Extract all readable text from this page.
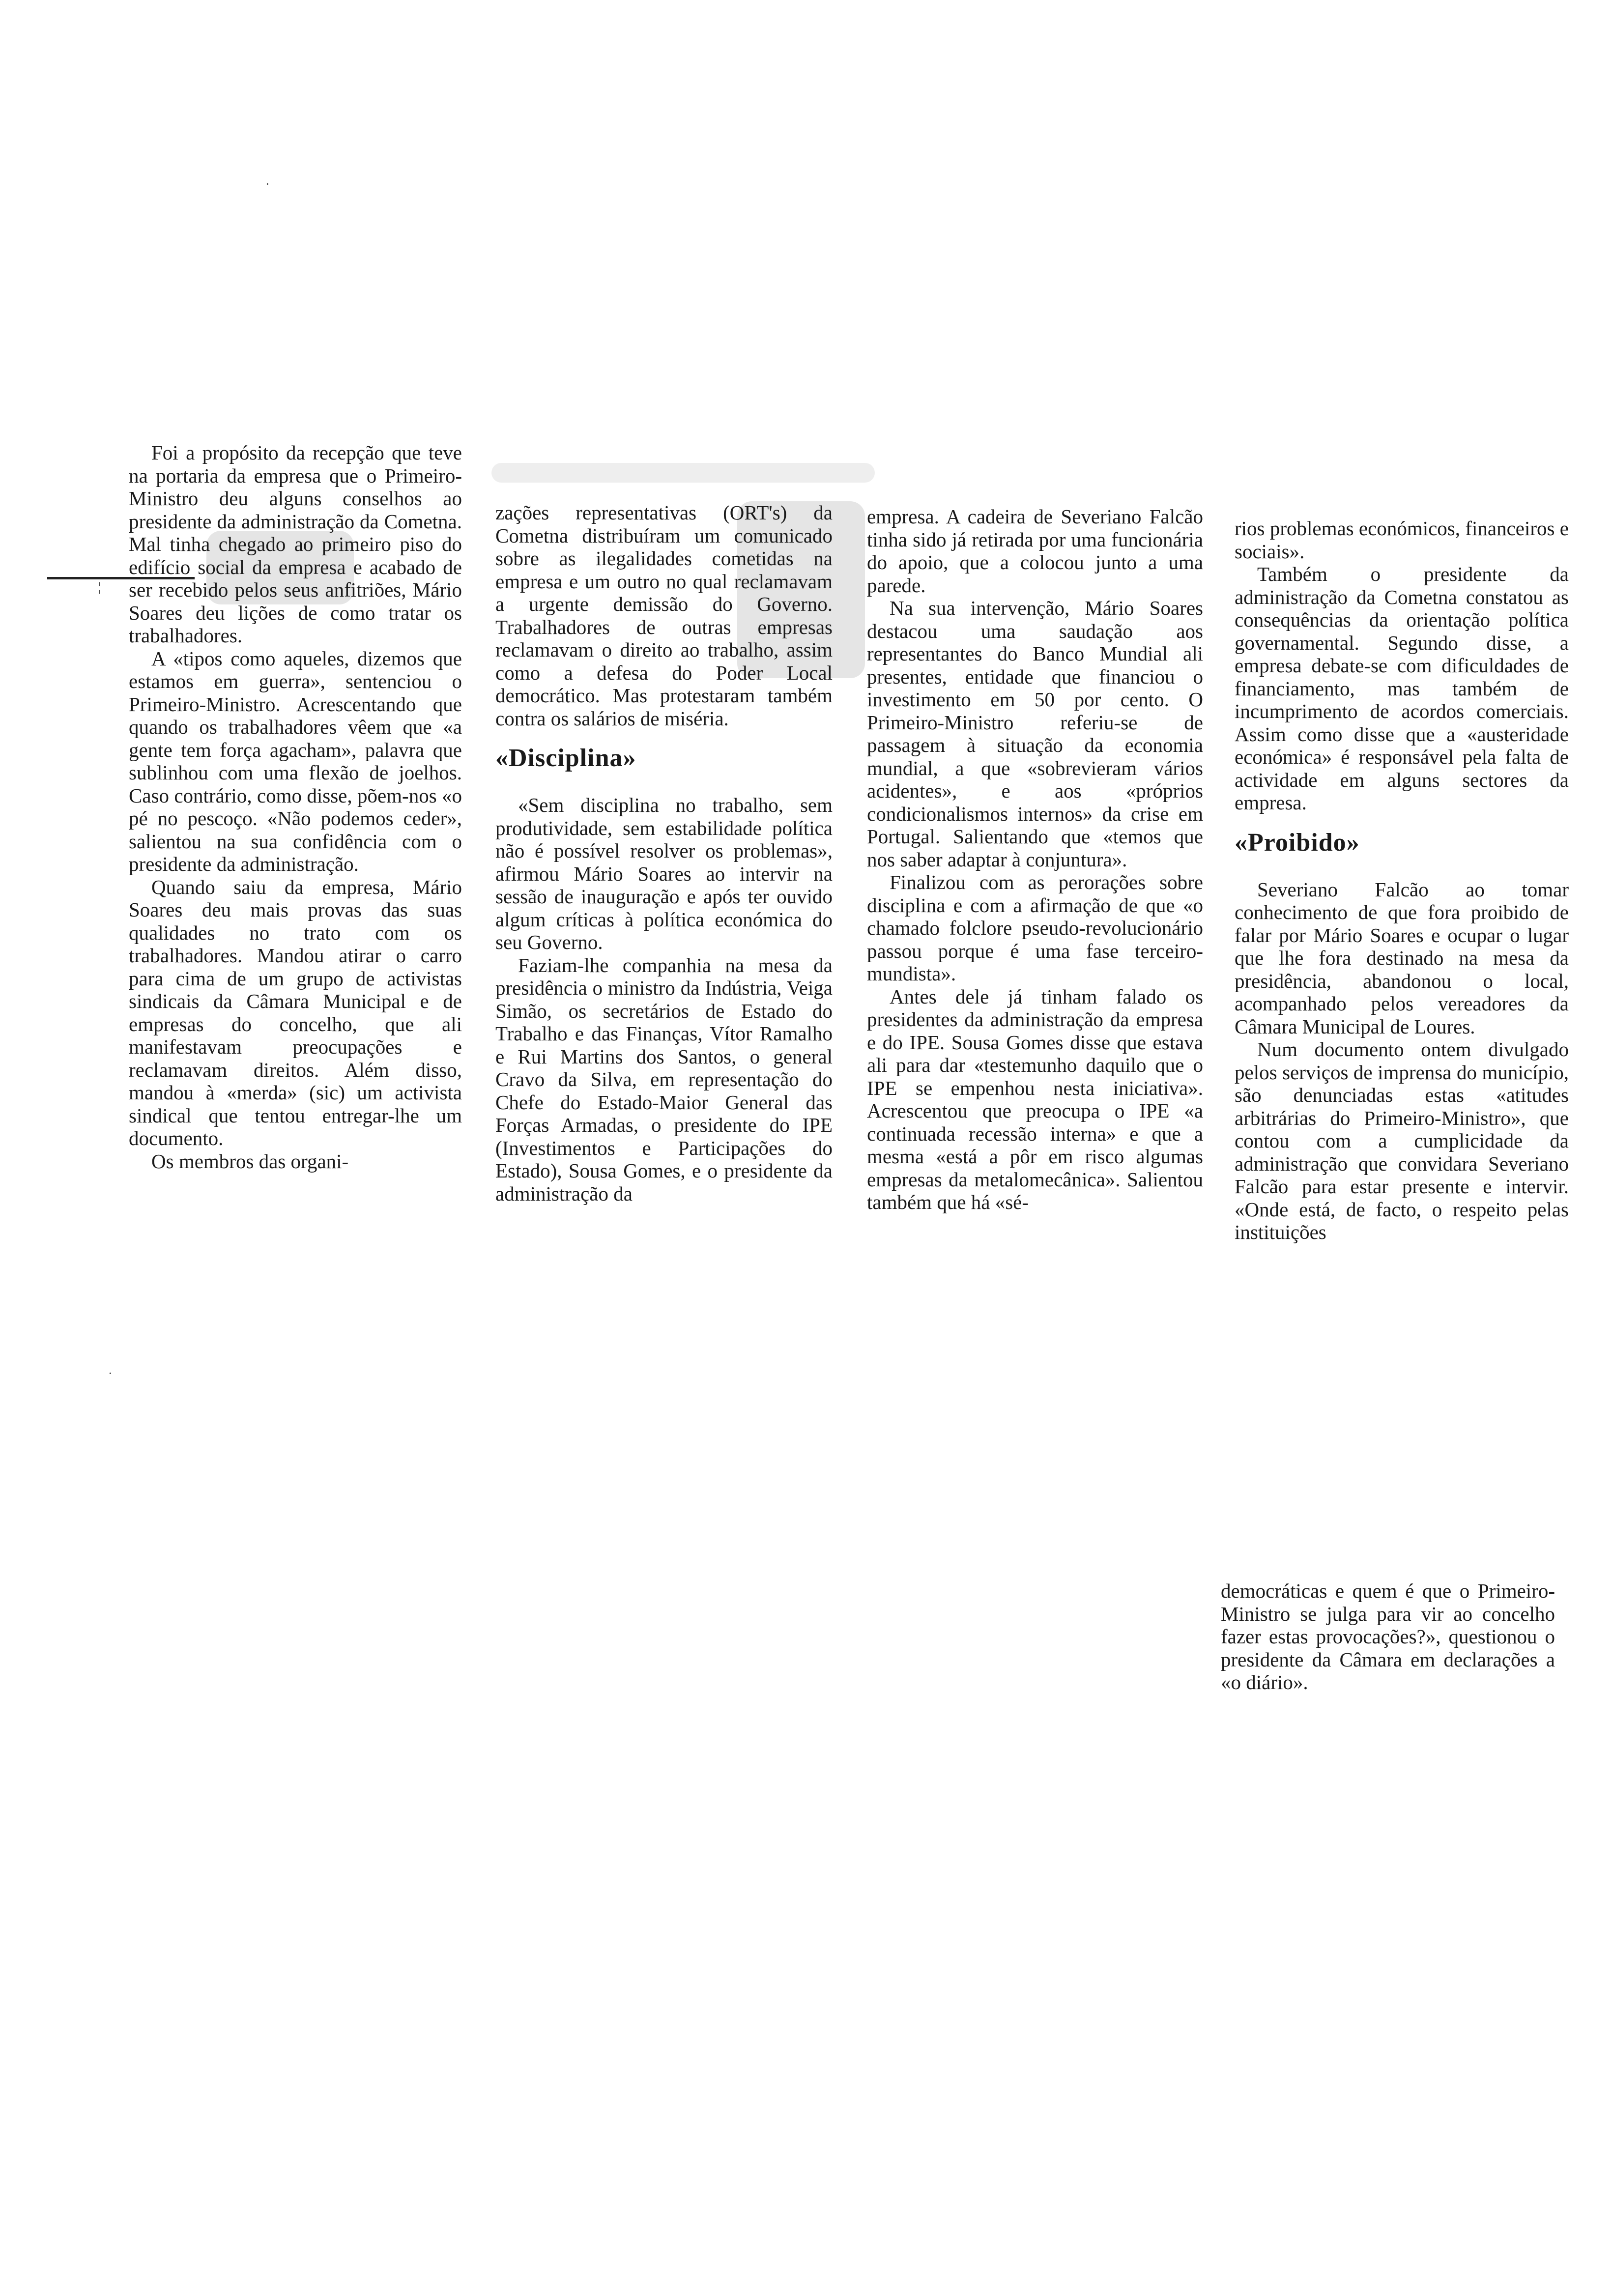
·
¦
·

Foi a propósito da recepção que teve na portaria da empresa que o Primeiro-Ministro deu alguns conselhos ao presidente da administração da Cometna. Mal tinha chegado ao primeiro piso do edifício social da empresa e acabado de ser recebido pelos seus anfitriões, Mário Soares deu lições de como tratar os trabalhadores.

A «tipos como aqueles, dizemos que estamos em guerra», sentenciou o Primeiro-Ministro. Acrescentando que quando os trabalhadores vêem que «a gente tem força agacham», palavra que sublinhou com uma flexão de joelhos. Caso contrário, como disse, põem-nos «o pé no pescoço. «Não podemos ceder», salientou na sua confidência com o presidente da administração.

Quando saiu da empresa, Mário Soares deu mais provas das suas qualidades no trato com os trabalhadores. Mandou atirar o carro para cima de um grupo de activistas sindicais da Câmara Municipal e de empresas do concelho, que ali manifestavam preocupações e reclamavam direitos. Além disso, mandou à «merda» (sic) um activista sindical que tentou entregar-lhe um documento.

Os membros das organi-

zações representativas (ORT's) da Cometna distribuíram um comunicado sobre as ilegalidades cometidas na empresa e um outro no qual reclamavam a urgente demissão do Governo. Trabalhadores de outras empresas reclamavam o direito ao trabalho, assim como a defesa do Poder Local democrático. Mas protestaram também contra os salários de miséria.

«Disciplina»

«Sem disciplina no trabalho, sem produtividade, sem estabilidade política não é possível resolver os problemas», afirmou Mário Soares ao intervir na sessão de inauguração e após ter ouvido algum críticas à política económica do seu Governo.

Faziam-lhe companhia na mesa da presidência o ministro da Indústria, Veiga Simão, os secretários de Estado do Trabalho e das Finanças, Vítor Ramalho e Rui Martins dos Santos, o general Cravo da Silva, em representação do Chefe do Estado-Maior General das Forças Armadas, o presidente do IPE (Investimentos e Participações do Estado), Sousa Gomes, e o presidente da administração da

empresa. A cadeira de Severiano Falcão tinha sido já retirada por uma funcionária do apoio, que a colocou junto a uma parede.

Na sua intervenção, Mário Soares destacou uma saudação aos representantes do Banco Mundial ali presentes, entidade que financiou o investimento em 50 por cento. O Primeiro-Ministro referiu-se de passagem à situação da economia mundial, a que «sobrevieram vários acidentes», e aos «próprios condicionalismos internos» da crise em Portugal. Salientando que «temos que nos saber adaptar à conjuntura».

Finalizou com as perorações sobre disciplina e com a afirmação de que «o chamado folclore pseudo-revolucionário passou porque é uma fase terceiro-mundista».

Antes dele já tinham falado os presidentes da administração da empresa e do IPE. Sousa Gomes disse que estava ali para dar «testemunho daquilo que o IPE se empenhou nesta iniciativa». Acrescentou que preocupa o IPE «a continuada recessão interna» e que a mesma «está a pôr em risco algumas empresas da metalomecânica». Salientou também que há «sé-

rios problemas económicos, financeiros e sociais».

Também o presidente da administração da Cometna constatou as consequências da orientação política governamental. Segundo disse, a empresa debate-se com dificuldades de financiamento, mas também de incumprimento de acordos comerciais. Assim como disse que a «austeridade económica» é responsável pela falta de actividade em alguns sectores da empresa.

«Proibido»

Severiano Falcão ao tomar conhecimento de que fora proibido de falar por Mário Soares e ocupar o lugar que lhe fora destinado na mesa da presidência, abandonou o local, acompanhado pelos vereadores da Câmara Municipal de Loures.

Num documento ontem divulgado pelos serviços de imprensa do município, são denunciadas estas «atitudes arbitrárias do Primeiro-Ministro», que contou com a cumplicidade da administração que convidara Severiano Falcão para estar presente e intervir. «Onde está, de facto, o respeito pelas instituições

democráticas e quem é que o Primeiro-Ministro se julga para vir ao concelho fazer estas provocações?», questionou o presidente da Câmara em declarações a «o diário».
